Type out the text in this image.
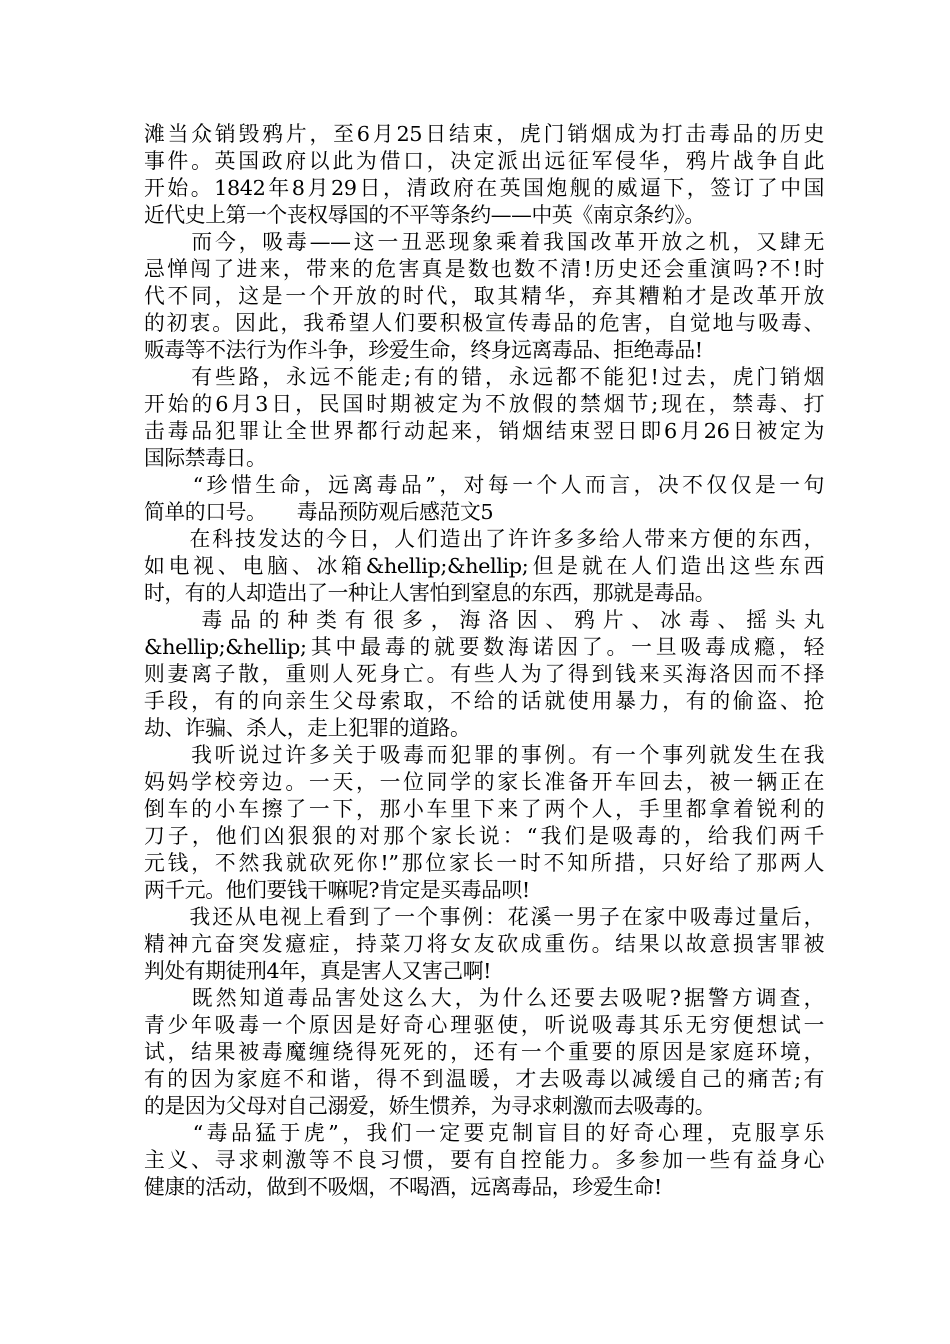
滩当众销毁鸦片，至6月25日结束，虎门销烟成为打击毒品的历史
事件。英国政府以此为借口，决定派出远征军侵华，鸦片战争自此
开始。1842年8月29日，清政府在英国炮舰的威逼下，签订了中国
近代史上第一个丧权辱国的不平等条约——中英《南京条约》。
　　而今，吸毒——这一丑恶现象乘着我国改革开放之机，又肆无
忌惮闯了进来，带来的危害真是数也数不清!历史还会重演吗?不!时
代不同，这是一个开放的时代，取其精华，弃其糟粕才是改革开放
的初衷。因此，我希望人们要积极宣传毒品的危害，自觉地与吸毒、
贩毒等不法行为作斗争，珍爱生命，终身远离毒品、拒绝毒品!
　　有些路，永远不能走;有的错，永远都不能犯!过去，虎门销烟
开始的6月3日，民国时期被定为不放假的禁烟节;现在，禁毒、打
击毒品犯罪让全世界都行动起来，销烟结束翌日即6月26日被定为
国际禁毒日。
　　“珍惜生命，远离毒品”，对每一个人而言，决不仅仅是一句
简单的口号。　　毒品预防观后感范文5
　　在科技发达的今日，人们造出了许许多多给人带来方便的东西，
如电视、电脑、冰箱&hellip;&hellip;但是就在人们造出这些东西
时，有的人却造出了一种让人害怕到窒息的东西，那就是毒品。
　　毒品的种类有很多，海洛因、鸦片、冰毒、摇头丸
&hellip;&hellip;其中最毒的就要数海诺因了。一旦吸毒成瘾，轻
则妻离子散，重则人死身亡。有些人为了得到钱来买海洛因而不择
手段，有的向亲生父母索取，不给的话就使用暴力，有的偷盗、抢
劫、诈骗、杀人，走上犯罪的道路。
　　我听说过许多关于吸毒而犯罪的事例。有一个事列就发生在我
妈妈学校旁边。一天，一位同学的家长准备开车回去，被一辆正在
倒车的小车擦了一下，那小车里下来了两个人，手里都拿着锐利的
刀子，他们凶狠狠的对那个家长说：“我们是吸毒的，给我们两千
元钱，不然我就砍死你!”那位家长一时不知所措，只好给了那两人
两千元。他们要钱干嘛呢?肯定是买毒品呗!
　　我还从电视上看到了一个事例：花溪一男子在家中吸毒过量后，
精神亢奋突发癔症，持菜刀将女友砍成重伤。结果以故意损害罪被
判处有期徒刑4年，真是害人又害己啊!
　　既然知道毒品害处这么大，为什么还要去吸呢?据警方调查，
青少年吸毒一个原因是好奇心理驱使，听说吸毒其乐无穷便想试一
试，结果被毒魔缠绕得死死的，还有一个重要的原因是家庭环境，
有的因为家庭不和谐，得不到温暖，才去吸毒以减缓自己的痛苦;有
的是因为父母对自己溺爱，娇生惯养，为寻求刺激而去吸毒的。
　　“毒品猛于虎”，我们一定要克制盲目的好奇心理，克服享乐
主义、寻求刺激等不良习惯，要有自控能力。多参加一些有益身心
健康的活动，做到不吸烟，不喝酒，远离毒品，珍爱生命!
